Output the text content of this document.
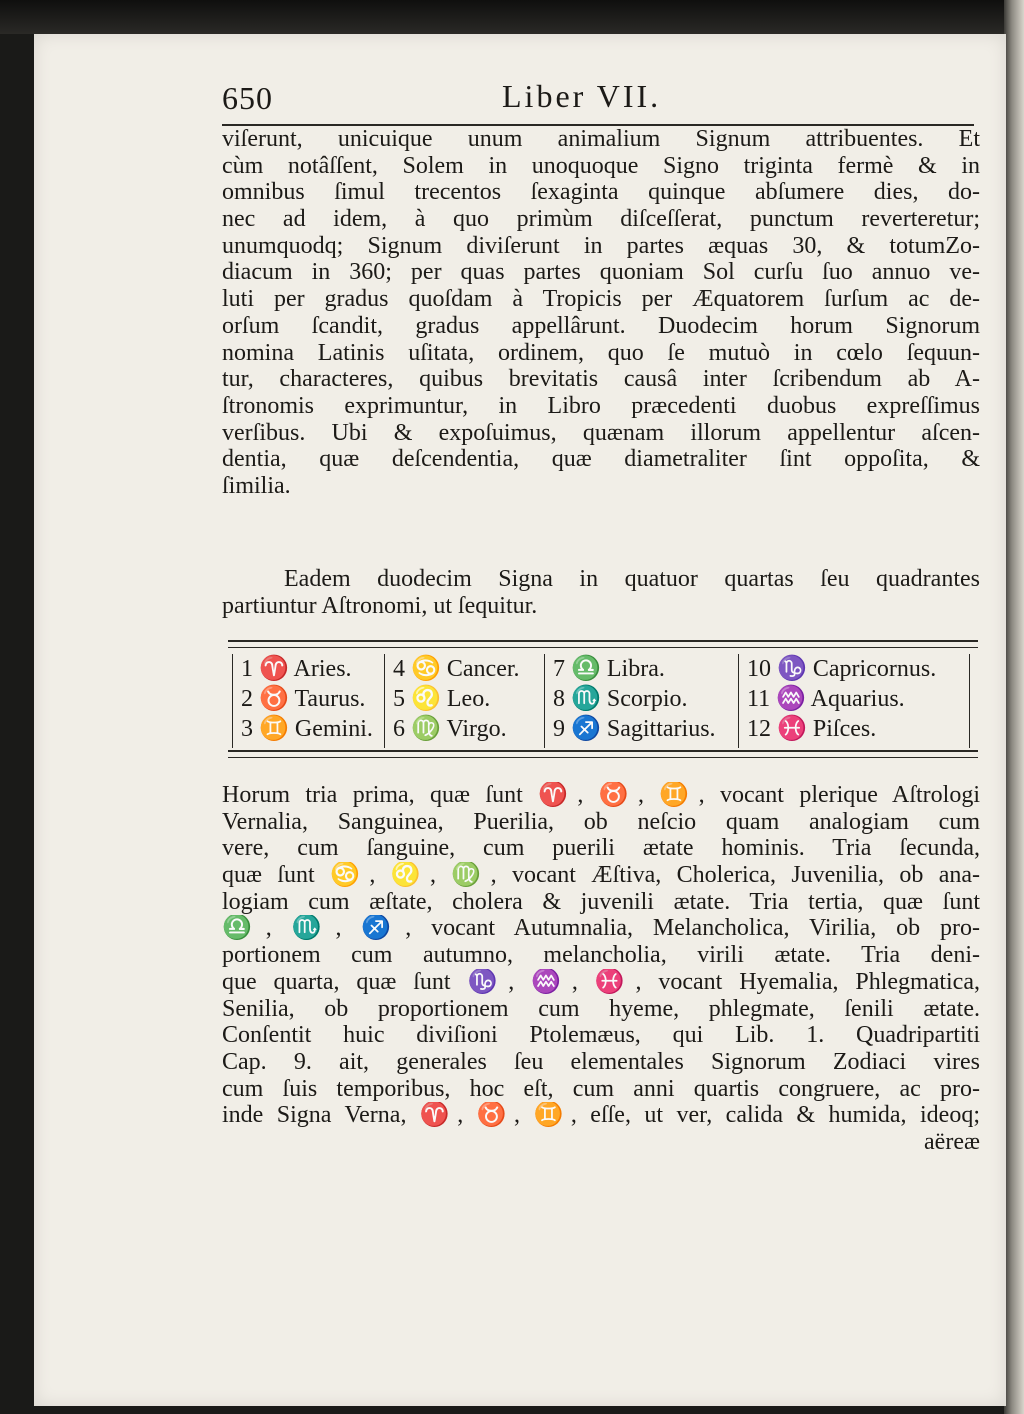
650	Liber VII.
viſerunt, unicuique unum animalium Signum attribuentes. Et
cùm notâſſent, Solem in unoquoque Signo triginta fermè & in
omnibus ſimul trecentos ſexaginta quinque abſumere dies, do-
nec ad idem, à quo primùm diſceſſerat, punctum reverteretur;
unumquodq; Signum diviſerunt in partes æquas 30, & totumZo-
diacum in 360; per quas partes quoniam Sol curſu ſuo annuo ve-
luti per gradus quoſdam à Tropicis per Æquatorem ſurſum ac de-
orſum ſcandit, gradus appellârunt. Duodecim horum Signorum
nomina Latinis uſitata, ordinem, quo ſe mutuò in cœlo ſequun-
tur, characteres, quibus brevitatis causâ inter ſcribendum ab A-
ſtronomis exprimuntur, in Libro præcedenti duobus expreſſimus
verſibus. Ubi & expoſuimus, quænam illorum appellentur aſcen-
dentia, quæ deſcendentia, quæ diametraliter ſint oppoſita, &
ſimilia.
Eadem duodecim Signa in quatuor quartas ſeu quadrantes
partiuntur Aſtronomi, ut ſequitur.
1 ♈ Aries.
2 ♉ Taurus.
3 ♊ Gemini.
4 ♋ Cancer.
5 ♌ Leo.
6 ♍ Virgo.
7 ♎ Libra.
8 ♏ Scorpio.
9 ♐ Sagittarius.
10 ♑ Capricornus.
11 ♒ Aquarius.
12 ♓ Piſces.
Horum tria prima, quæ ſunt ♈, ♉, ♊, vocant plerique Aſtrologi
Vernalia, Sanguinea, Puerilia, ob neſcio quam analogiam cum
vere, cum ſanguine, cum puerili ætate hominis. Tria ſecunda,
quæ ſunt ♋, ♌, ♍, vocant Æſtiva, Cholerica, Juvenilia, ob ana-
logiam cum æſtate, cholera & juvenili ætate. Tria tertia, quæ ſunt
♎, ♏, ♐, vocant Autumnalia, Melancholica, Virilia, ob pro-
portionem cum autumno, melancholia, virili ætate. Tria deni-
que quarta, quæ ſunt ♑, ♒, ♓, vocant Hyemalia, Phlegmatica,
Senilia, ob proportionem cum hyeme, phlegmate, ſenili ætate.
Conſentit huic diviſioni Ptolemæus, qui Lib. 1. Quadripartiti
Cap. 9. ait, generales ſeu elementales Signorum Zodiaci vires
cum ſuis temporibus, hoc eſt, cum anni quartis congruere, ac pro-
inde Signa Verna, ♈, ♉, ♊, eſſe, ut ver, calida & humida, ideoq;
aëreæ
